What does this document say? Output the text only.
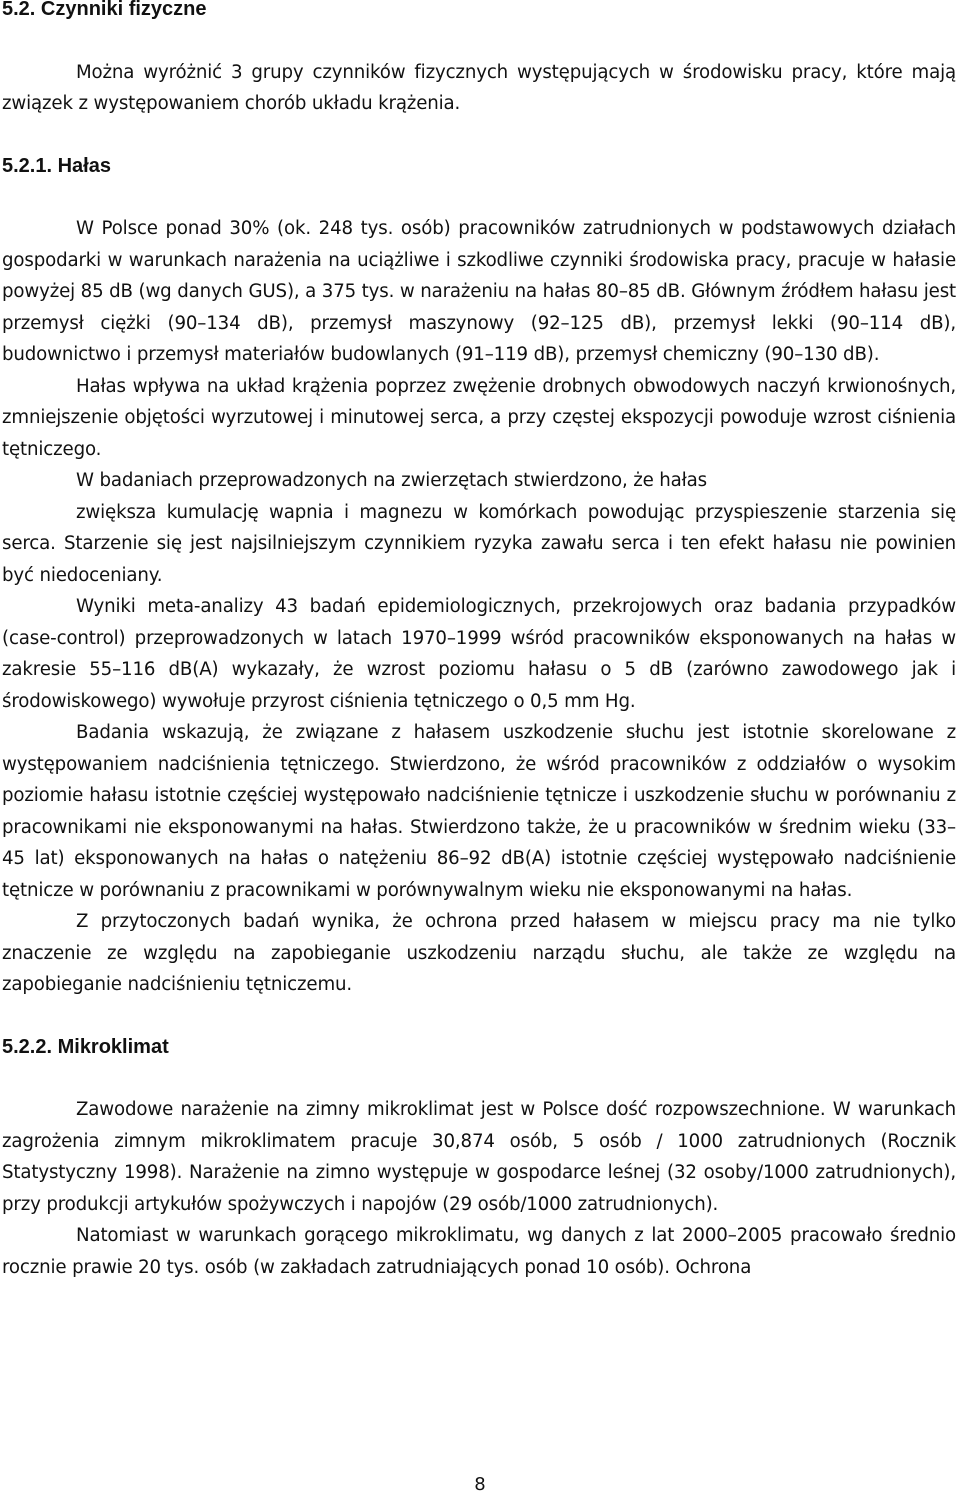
5.2. Czynniki fizyczne

Można wyróżnić 3 grupy czynników fizycznych występujących w środowisku pracy, które mają związek z występowaniem chorób układu krążenia.

5.2.1. Hałas

W Polsce ponad 30% (ok. 248 tys. osób) pracowników zatrudnionych w podstawowych działach gospodarki w warunkach narażenia na uciążliwe i szkodliwe czynniki środowiska pracy, pracuje w hałasie powyżej 85 dB (wg danych GUS), a 375 tys. w narażeniu na hałas 80–85 dB. Głównym źródłem hałasu jest przemysł ciężki (90–134 dB), przemysł maszynowy (92–125 dB), przemysł lekki (90–114 dB), budownictwo i przemysł materiałów budowlanych (91–119 dB), przemysł chemiczny (90–130 dB).

Hałas wpływa na układ krążenia poprzez zwężenie drobnych obwodowych naczyń krwionośnych, zmniejszenie objętości wyrzutowej i minutowej serca, a przy częstej ekspozycji powoduje wzrost ciśnienia tętniczego.

W badaniach przeprowadzonych na zwierzętach stwierdzono, że hałas

zwiększa kumulację wapnia i magnezu w komórkach powodując przyspieszenie starzenia się serca. Starzenie się jest najsilniejszym czynnikiem ryzyka zawału serca i ten efekt hałasu nie powinien być niedoceniany.

Wyniki meta-analizy 43 badań epidemiologicznych, przekrojowych oraz badania przypadków (case-control) przeprowadzonych w latach 1970–1999 wśród pracowników eksponowanych na hałas w zakresie 55–116 dB(A) wykazały, że wzrost poziomu hałasu o 5 dB (zarówno zawodowego jak i środowiskowego) wywołuje przyrost ciśnienia tętniczego o 0,5 mm Hg.

Badania wskazują, że związane z hałasem uszkodzenie słuchu jest istotnie skorelowane z występowaniem nadciśnienia tętniczego. Stwierdzono, że wśród pracowników z oddziałów o wysokim poziomie hałasu istotnie częściej występowało nadciśnienie tętnicze i uszkodzenie słuchu w porównaniu z pracownikami nie eksponowanymi na hałas. Stwierdzono także, że u pracowników w średnim wieku (33–45 lat) eksponowanych na hałas o natężeniu 86–92 dB(A) istotnie częściej występowało nadciśnienie tętnicze w porównaniu z pracownikami w porównywalnym wieku nie eksponowanymi na hałas.

Z przytoczonych badań wynika, że ochrona przed hałasem w miejscu pracy ma nie tylko znaczenie ze względu na zapobieganie uszkodzeniu narządu słuchu, ale także ze względu na zapobieganie nadciśnieniu tętniczemu.

5.2.2. Mikroklimat

Zawodowe narażenie na zimny mikroklimat jest w Polsce dość rozpowszechnione. W warunkach zagrożenia zimnym mikroklimatem pracuje 30,874 osób, 5 osób / 1000 zatrudnionych (Rocznik Statystyczny 1998). Narażenie na zimno występuje w gospodarce leśnej (32 osoby/1000 zatrudnionych), przy produkcji artykułów spożywczych i napojów (29 osób/1000 zatrudnionych).

Natomiast w warunkach gorącego mikroklimatu, wg danych z lat 2000–2005 pracowało średnio rocznie prawie 20 tys. osób (w zakładach zatrudniających ponad 10 osób). Ochrona

8
